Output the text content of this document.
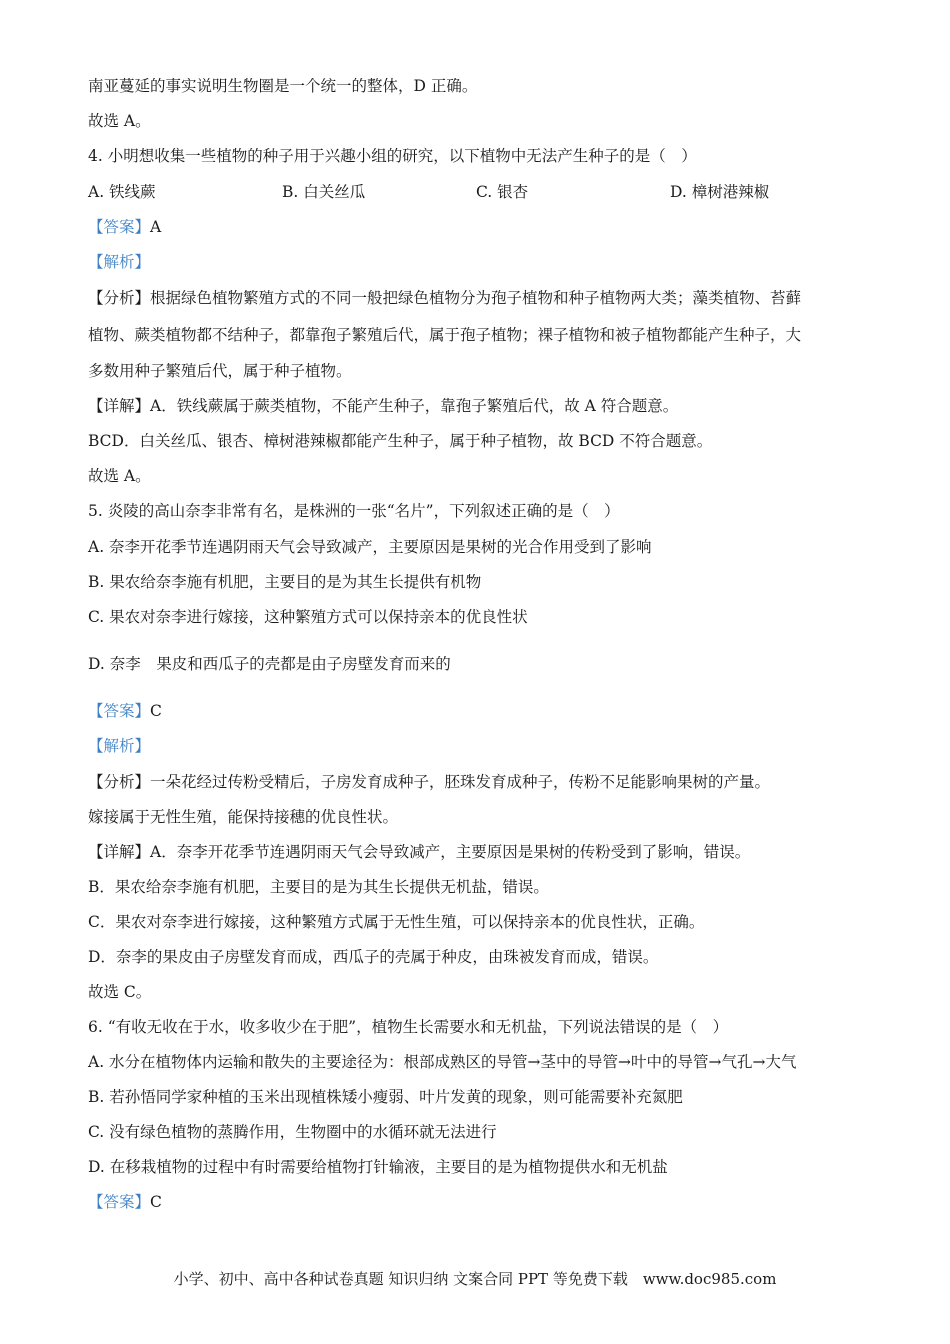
南亚蔓延的事实说明生物圈是一个统一的整体，D 正确。
故选 A。
4. 小明想收集一些植物的种子用于兴趣小组的研究，以下植物中无法产生种子的是（　）
A. 铁线蕨	B. 白关丝瓜	C. 银杏	D. 樟树港辣椒
【答案】A
【解析】
【分析】根据绿色植物繁殖方式的不同一般把绿色植物分为孢子植物和种子植物两大类；藻类植物、苔藓
植物、蕨类植物都不结种子，都靠孢子繁殖后代，属于孢子植物；裸子植物和被子植物都能产生种子，大
多数用种子繁殖后代，属于种子植物。
【详解】A．铁线蕨属于蕨类植物，不能产生种子，靠孢子繁殖后代，故 A 符合题意。
BCD．白关丝瓜、银杏、樟树港辣椒都能产生种子，属于种子植物，故 BCD 不符合题意。
故选 A。
5. 炎陵的高山奈李非常有名，是株洲的一张“名片”，下列叙述正确的是（　）
A. 奈李开花季节连遇阴雨天气会导致减产，主要原因是果树的光合作用受到了影响
B. 果农给奈李施有机肥，主要目的是为其生长提供有机物
C. 果农对奈李进行嫁接，这种繁殖方式可以保持亲本的优良性状
D. 奈李　果皮和西瓜子的壳都是由子房壁发育而来的
【答案】C
【解析】
【分析】一朵花经过传粉受精后，子房发育成种子，胚珠发育成种子，传粉不足能影响果树的产量。
嫁接属于无性生殖，能保持接穗的优良性状。
【详解】A．奈李开花季节连遇阴雨天气会导致减产，主要原因是果树的传粉受到了影响，错误。
B．果农给奈李施有机肥，主要目的是为其生长提供无机盐，错误。
C．果农对奈李进行嫁接，这种繁殖方式属于无性生殖，可以保持亲本的优良性状，正确。
D．奈李的果皮由子房壁发育而成，西瓜子的壳属于种皮，由珠被发育而成，错误。
故选 C。
6. “有收无收在于水，收多收少在于肥”，植物生长需要水和无机盐，下列说法错误的是（　）
A. 水分在植物体内运输和散失的主要途径为：根部成熟区的导管→茎中的导管→叶中的导管→气孔→大气
B. 若孙悟同学家种植的玉米出现植株矮小瘦弱、叶片发黄的现象，则可能需要补充氮肥
C. 没有绿色植物的蒸腾作用，生物圈中的水循环就无法进行
D. 在移栽植物的过程中有时需要给植物打针输液，主要目的是为植物提供水和无机盐
【答案】C
小学、初中、高中各种试卷真题 知识归纳 文案合同 PPT 等免费下载　www.doc985.com
